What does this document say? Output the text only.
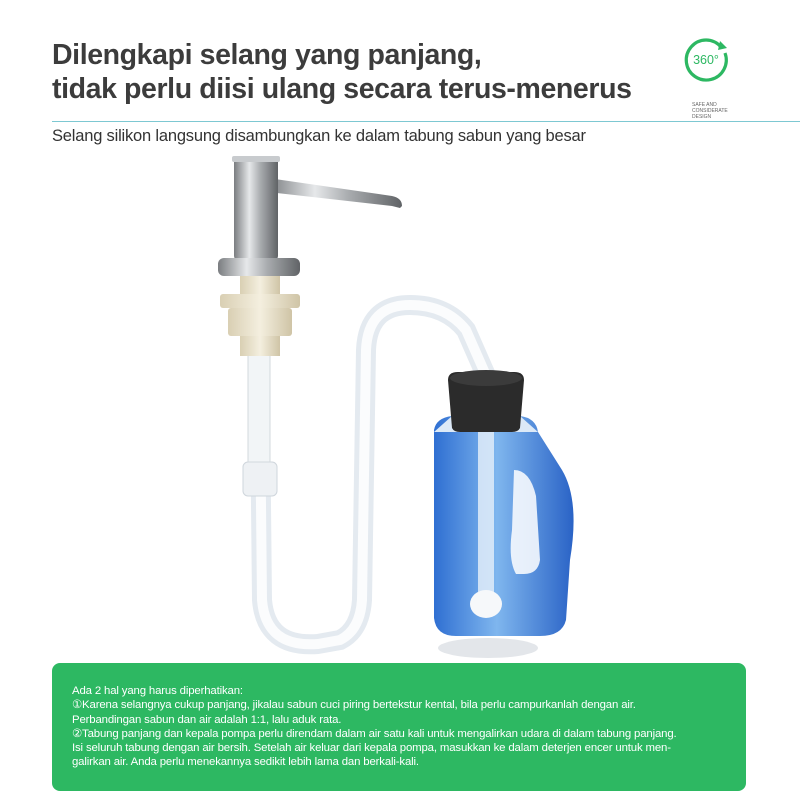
Dilengkapi selang yang panjang,
tidak perlu diisi ulang secara terus-menerus
360°
SAFE AND
CONSIDERATE DESIGN
Selang silikon langsung disambungkan ke dalam tabung sabun yang besar
Ada 2 hal yang harus diperhatikan:
①Karena selangnya cukup panjang, jikalau sabun cuci piring bertekstur kental, bila perlu campurkanlah dengan air.
Perbandingan sabun dan air adalah 1:1, lalu aduk rata.
②Tabung panjang dan kepala pompa perlu direndam dalam air satu kali untuk mengalirkan udara di dalam tabung panjang.
Isi seluruh tabung dengan air bersih. Setelah air keluar dari kepala pompa, masukkan ke dalam deterjen encer untuk men-
galirkan air. Anda perlu menekannya sedikit lebih lama dan berkali-kali.
